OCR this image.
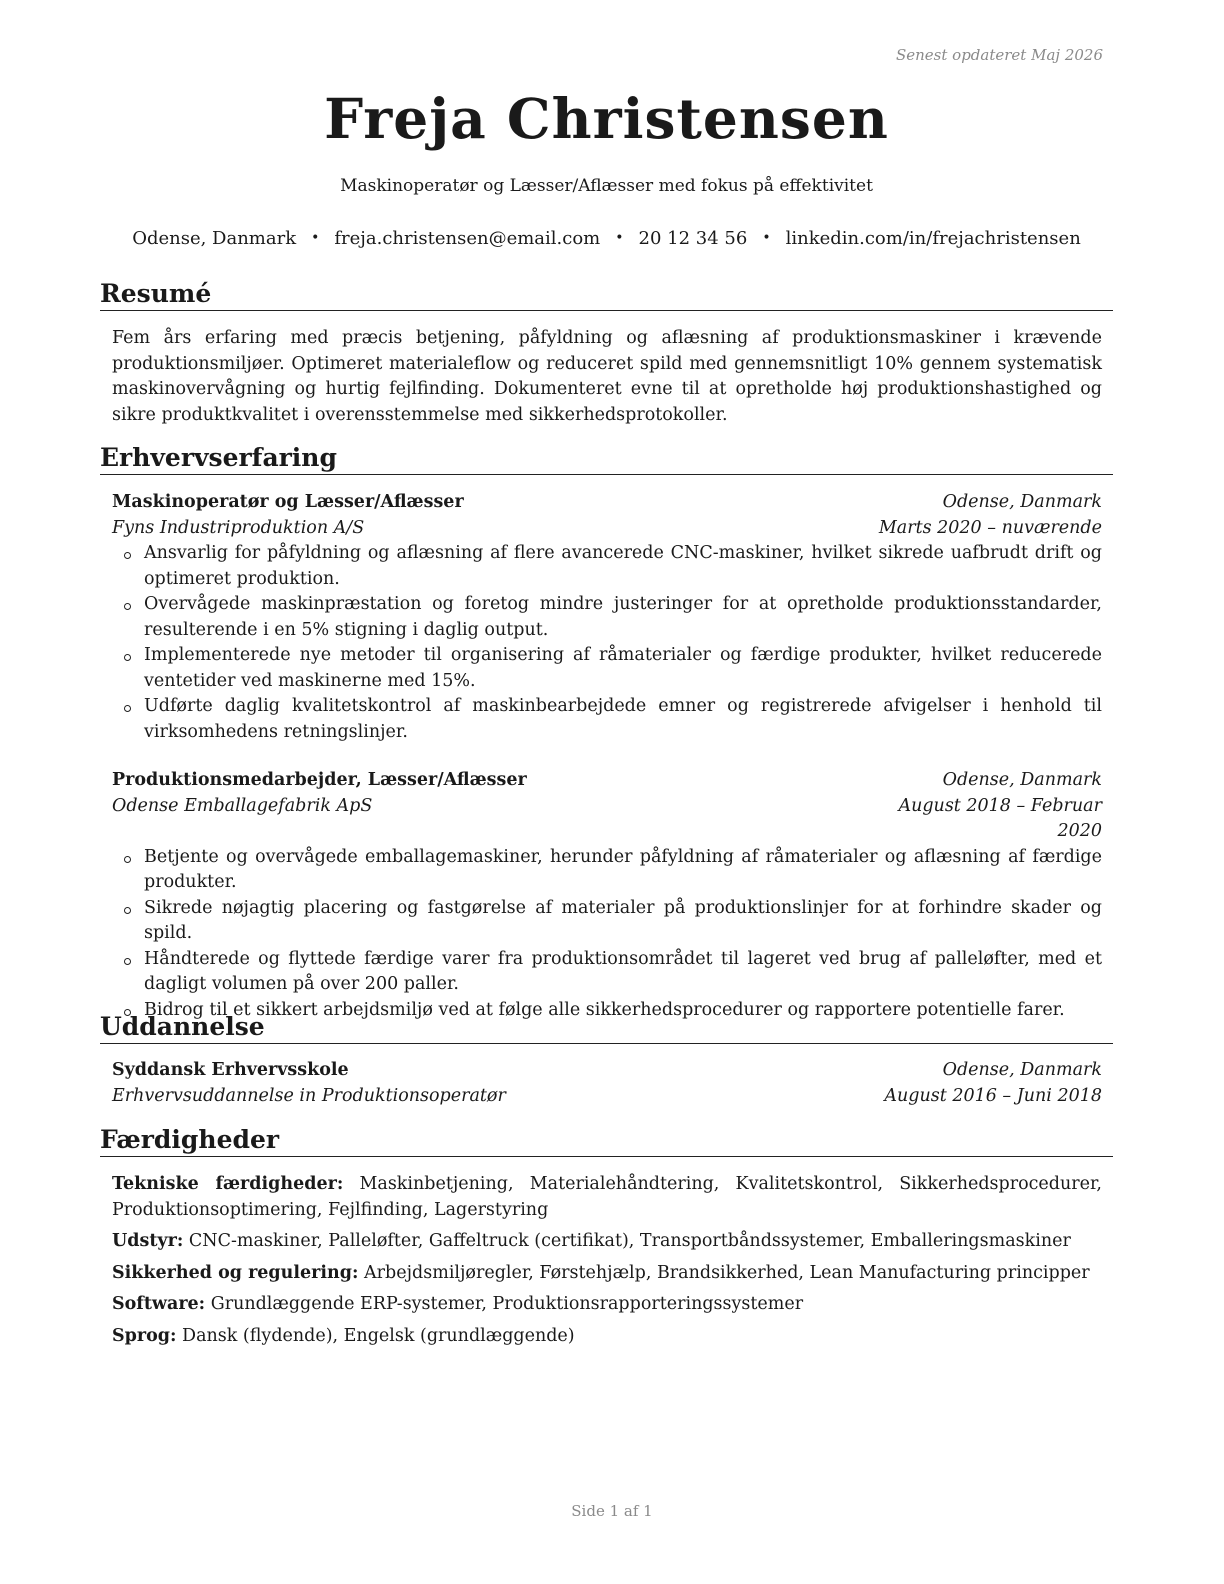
Senest opdateret Maj 2026
Freja Christensen
Maskinoperatør og Læsser/Aflæsser med fokus på effektivitet
Odense, Danmark • freja.christensen@email.com • 20 12 34 56 • linkedin.com/in/frejachristensen
Resumé

Fem års erfaring med præcis betjening, påfyldning og aflæsning af produktionsmaskiner i krævende produktionsmiljøer. Optimeret materialeflow og reduceret spild med gennemsnitligt 10% gennem systematisk maskinovervågning og hurtig fejlfinding. Dokumenteret evne til at opretholde høj produktionshastighed og sikre produktkvalitet i overensstemmelse med sikkerhedsprotokoller.

Erhvervserfaring
Maskinoperatør og Læsser/Aflæsser	Odense, Danmark
Fyns Industriproduktion A/S	Marts 2020 – nuværende
Ansvarlig for påfyldning og aflæsning af flere avancerede CNC-maskiner, hvilket sikrede uafbrudt drift og optimeret produktion.
Overvågede maskinpræstation og foretog mindre justeringer for at opretholde produktionsstandarder, resulterende i en 5% stigning i daglig output.
Implementerede nye metoder til organisering af råmaterialer og færdige produkter, hvilket reducerede ventetider ved maskinerne med 15%.
Udførte daglig kvalitetskontrol af maskinbearbejdede emner og registrerede afvigelser i henhold til virksomhedens retningslinjer.
Produktionsmedarbejder, Læsser/Aflæsser	Odense, Danmark
Odense Emballagefabrik ApS	August 2018 – Februar 2020
Betjente og overvågede emballagemaskiner, herunder påfyldning af råmaterialer og aflæsning af færdige produkter.
Sikrede nøjagtig placering og fastgørelse af materialer på produktionslinjer for at forhindre skader og spild.
Håndterede og flyttede færdige varer fra produktionsområdet til lageret ved brug af palleløfter, med et dagligt volumen på over 200 paller.
Bidrog til et sikkert arbejdsmiljø ved at følge alle sikkerhedsprocedurer og rapportere potentielle farer.
Uddannelse
Syddansk Erhvervsskole	Odense, Danmark
Erhvervsuddannelse in Produktionsoperatør	August 2016 – Juni 2018
Færdigheder
Tekniske færdigheder: Maskinbetjening, Materialehåndtering, Kvalitetskontrol, Sikkerhedsprocedurer, Produktionsoptimering, Fejlfinding, Lagerstyring
Udstyr: CNC-maskiner, Palleløfter, Gaffeltruck (certifikat), Transportbåndssystemer, Emballeringsmaskiner
Sikkerhed og regulering: Arbejdsmiljøregler, Førstehjælp, Brandsikkerhed, Lean Manufacturing principper
Software: Grundlæggende ERP-systemer, Produktionsrapporteringssystemer
Sprog: Dansk (flydende), Engelsk (grundlæggende)
Side 1 af 1
